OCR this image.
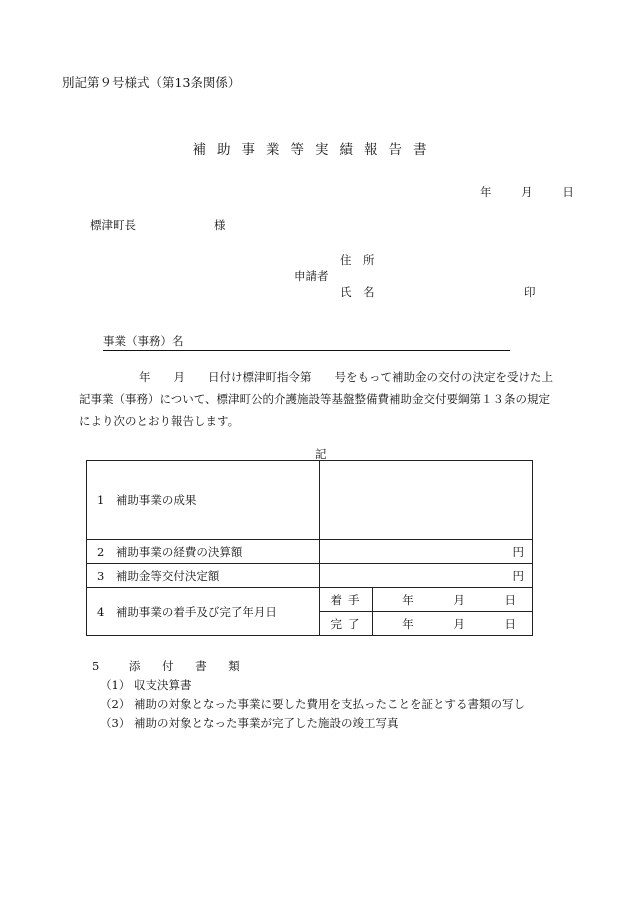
別記第９号様式（第13条関係）
補助事業等実績報告書
年	月	日
標津町長	様
住　所
申請者
氏　名	印
事業（事務）名
年　　月　　日付け標津町指令第　　号をもって補助金の交付の決定を受けた上
記事業（事務）について、標津町公的介護施設等基盤整備費補助金交付要綱第１３条の規定
により次のとおり報告します。
記
1　補助事業の成果		
2　補助事業の経費の決算額	円	
3　補助金等交付決定額	円	
4　補助事業の着手及び完了年月日	着手	年 月 日
	完了	年 月 日
5　添 付 書 類
（1） 収支決算書
（2） 補助の対象となった事業に要した費用を支払ったことを証とする書類の写し
（3） 補助の対象となった事業が完了した施設の竣工写真
